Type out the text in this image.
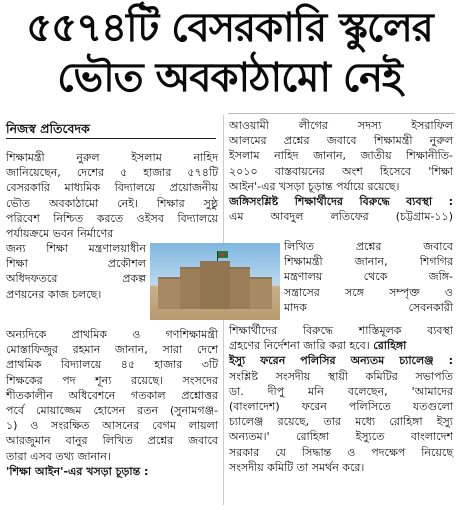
৫৫৭৪টি বেসরকারি স্কুলের
ভৌত অবকাঠামো নেই
নিজস্ব প্রতিবেদক

শিক্ষামন্ত্রী নুরুল ইসলাম নাহিদ

জানিয়েছেন, দেশের ৫ হাজার ৫৭৪টি

বেসরকারি মাধ্যমিক বিদ্যালয়ে প্রয়োজনীয়

ভৌত অবকাঠামো নেই। শিক্ষার সুষ্ঠু

পরিবেশ নিশ্চিত করতে ওইসব বিদ্যালয়ে

পর্যায়ক্রমে ভবন নির্মাণের

জন্য শিক্ষা মন্ত্রণালয়াধীন

শিক্ষা প্রকৌশল

অধিদফতরে প্রকল্প

প্রণয়নের কাজ চলছে।

অন্যদিকে প্রাথমিক ও গণশিক্ষামন্ত্রী

মোস্তাফিজুর রহমান জানান, সারা দেশে

প্রাথমিক বিদ্যালয়ে ৪৫ হাজার ৩টি

শিক্ষকের পদ শূন্য রয়েছে। সংসদের

শীতকালীন অধিবেশনে গতকাল প্রশ্নোত্তর

পর্বে মোয়াজ্জেম হোসেন রতন (সুনামগঞ্জ-

১) ও সংরক্ষিত আসনের বেগম লায়লা

আরজুমান বানুর লিখিত প্রশ্নের জবাবে

তারা এসব তথ্য জানান।

'শিক্ষা আইন'-এর খসড়া চূড়ান্ত :

আওয়ামী লীগের সদস্য ইসরাফিল

আলমের প্রশ্নের জবাবে শিক্ষামন্ত্রী নুরুল

ইসলাম নাহিদ জানান, জাতীয় শিক্ষানীতি-

২০১০ বাস্তবায়নের অংশ হিসেবে 'শিক্ষা

আইন'-এর খসড়া চূড়ান্ত পর্যায়ে রয়েছে।

জঙ্গিসংশ্লিষ্ট শিক্ষার্থীদের বিরুদ্ধে ব্যবস্থা :

এম আবদুল লতিফের (চট্টগ্রাম-১১)

লিখিত প্রশ্নের জবাবে

শিক্ষামন্ত্রী জানান, শিগগির

মন্ত্রণালয় থেকে জঙ্গি-

সন্ত্রাসের সঙ্গে সম্পৃক্ত ও

মাদক সেবনকারী

শিক্ষার্থীদের বিরুদ্ধে শাস্তিমূলক ব্যবস্থা

গ্রহণের নির্দেশনা জারি করা হবে। রোহিঙ্গা

ইস্যু ফরেন পলিসির অন্যতম চ্যালেঞ্জ :

সংশ্লিষ্ট সংসদীয় স্থায়ী কমিটির সভাপতি

ডা. দীপু মনি বলেছেন, 'আমাদের

(বাংলাদেশ) ফরেন পলিসিতে যতগুলো

চ্যালেঞ্জ রয়েছে, তার মধ্যে রোহিঙ্গা ইস্যু

অন্যতম।' রোহিঙ্গা ইস্যুতে বাংলাদেশ

সরকার যে সিদ্ধান্ত ও পদক্ষেপ নিয়েছে

সংসদীয় কমিটি তা সমর্থন করে।
